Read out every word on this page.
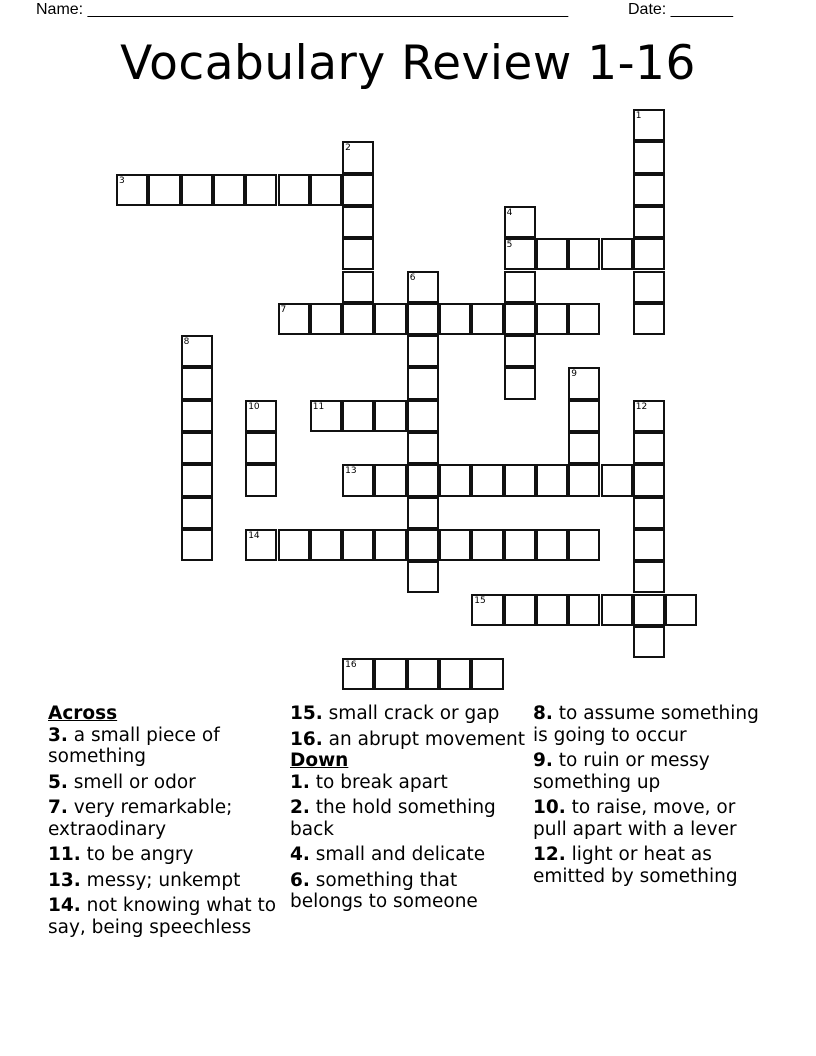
Name: ______________________________________________________	Date: _______
Vocabulary Review 1-16
1
2
3
4
5
6
7
8
9
10	11	12
13
14
15
16
Across
3. a small piece of something
5. smell or odor
7. very remarkable; extraodinary
11. to be angry
13. messy; unkempt
14. not knowing what to say, being speechless
15. small crack or gap
16. an abrupt movement
Down
1. to break apart
2. the hold something back
4. small and delicate
6. something that belongs to someone
8. to assume something is going to occur
9. to ruin or messy something up
10. to raise, move, or pull apart with a lever
12. light or heat as emitted by something
